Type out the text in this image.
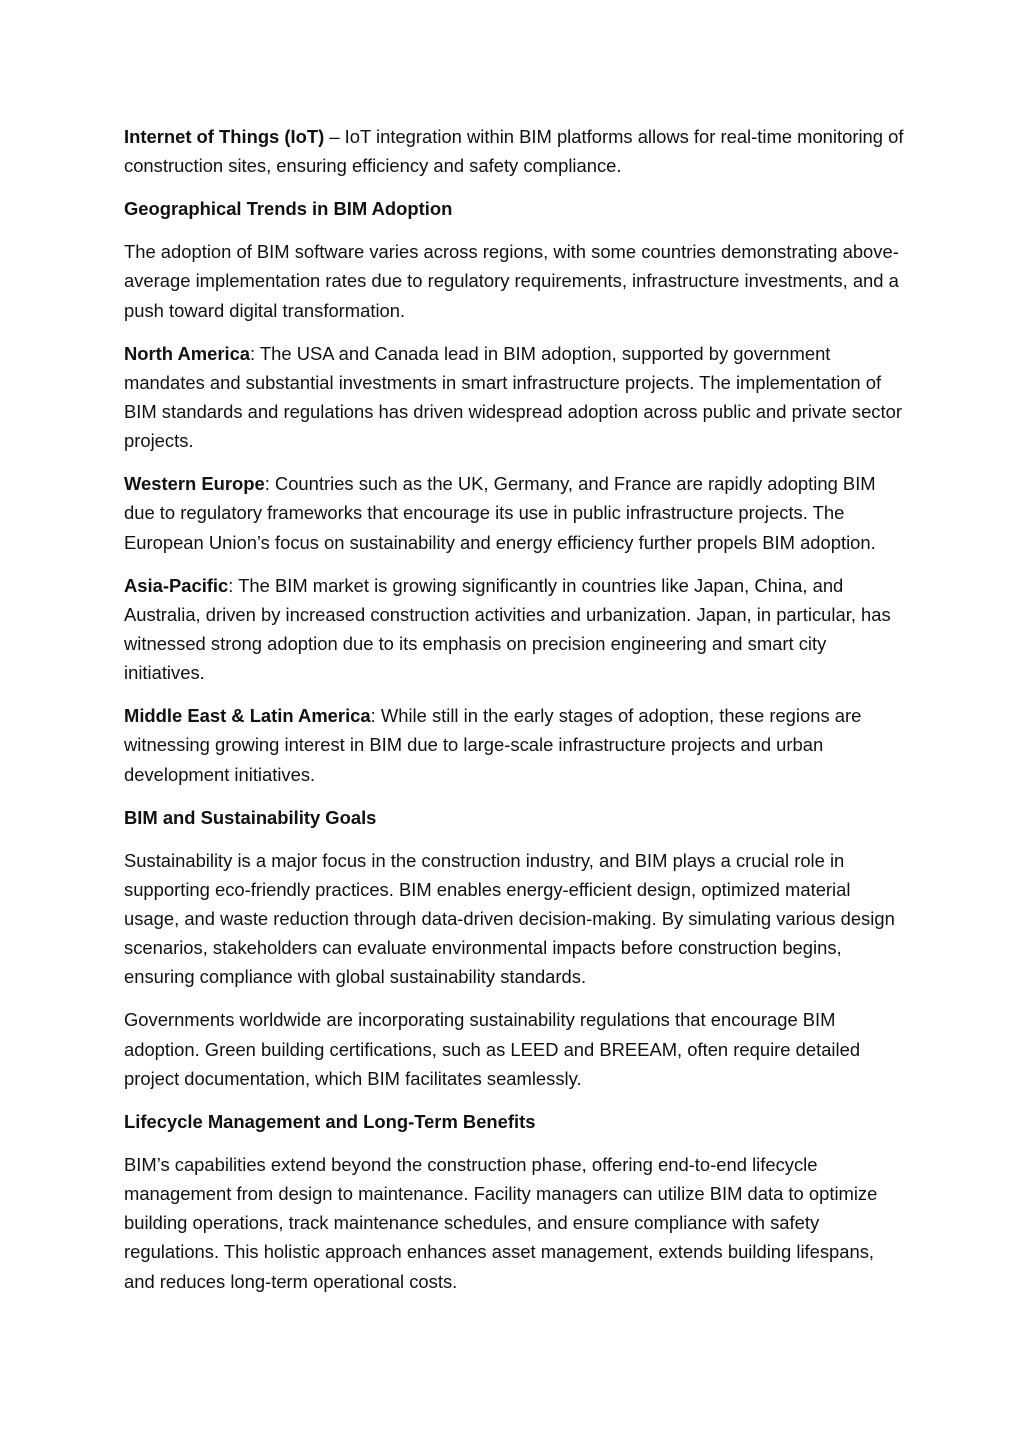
Internet of Things (IoT) – IoT integration within BIM platforms allows for real-time monitoring of construction sites, ensuring efficiency and safety compliance.

Geographical Trends in BIM Adoption

The adoption of BIM software varies across regions, with some countries demonstrating above-average implementation rates due to regulatory requirements, infrastructure investments, and a push toward digital transformation.

North America: The USA and Canada lead in BIM adoption, supported by government mandates and substantial investments in smart infrastructure projects. The implementation of BIM standards and regulations has driven widespread adoption across public and private sector projects.

Western Europe: Countries such as the UK, Germany, and France are rapidly adopting BIM due to regulatory frameworks that encourage its use in public infrastructure projects. The European Union’s focus on sustainability and energy efficiency further propels BIM adoption.

Asia-Pacific: The BIM market is growing significantly in countries like Japan, China, and Australia, driven by increased construction activities and urbanization. Japan, in particular, has witnessed strong adoption due to its emphasis on precision engineering and smart city initiatives.

Middle East & Latin America: While still in the early stages of adoption, these regions are witnessing growing interest in BIM due to large-scale infrastructure projects and urban development initiatives.

BIM and Sustainability Goals

Sustainability is a major focus in the construction industry, and BIM plays a crucial role in supporting eco-friendly practices. BIM enables energy-efficient design, optimized material usage, and waste reduction through data-driven decision-making. By simulating various design scenarios, stakeholders can evaluate environmental impacts before construction begins, ensuring compliance with global sustainability standards.

Governments worldwide are incorporating sustainability regulations that encourage BIM adoption. Green building certifications, such as LEED and BREEAM, often require detailed project documentation, which BIM facilitates seamlessly.

Lifecycle Management and Long-Term Benefits

BIM’s capabilities extend beyond the construction phase, offering end-to-end lifecycle management from design to maintenance. Facility managers can utilize BIM data to optimize building operations, track maintenance schedules, and ensure compliance with safety regulations. This holistic approach enhances asset management, extends building lifespans, and reduces long-term operational costs.
